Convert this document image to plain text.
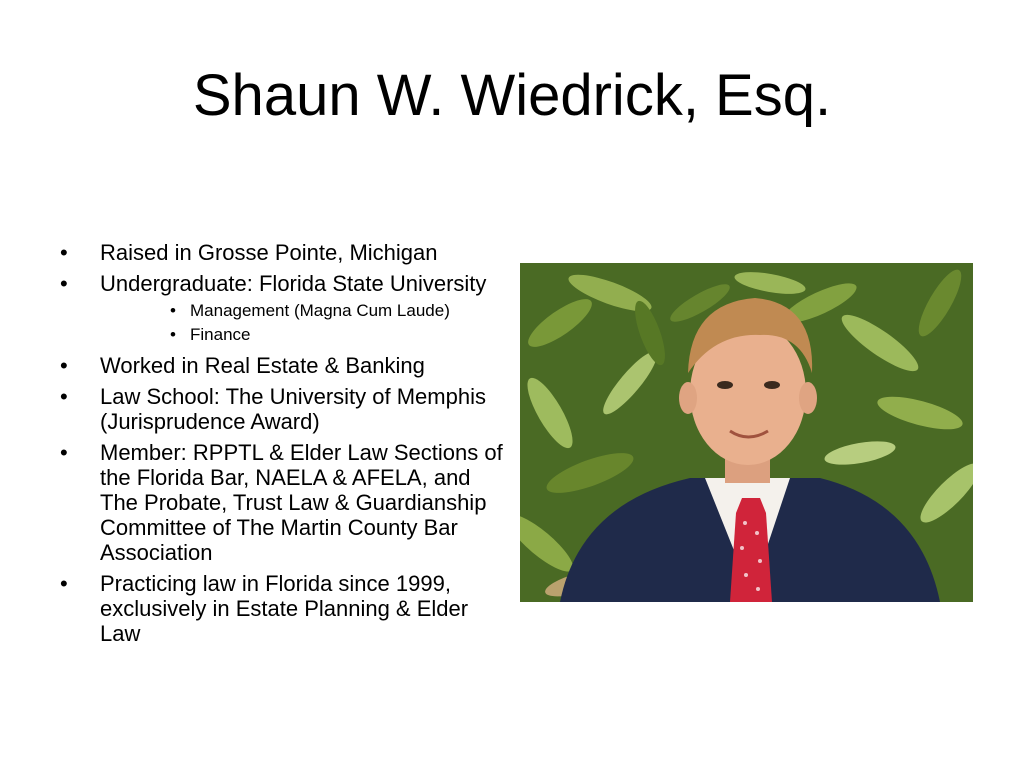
Shaun W. Wiedrick, Esq.
• Raised in Grosse Pointe, Michigan
• Undergraduate: Florida State University
• Management (Magna Cum Laude)
• Finance
• Worked in Real Estate & Banking
• Law School: The University of Memphis (Jurisprudence Award)
• Member: RPPTL & Elder Law Sections of the Florida Bar, NAELA & AFELA, and The Probate, Trust Law & Guardianship Committee of The Martin County Bar Association
• Practicing law in Florida since 1999, exclusively in Estate Planning & Elder Law
